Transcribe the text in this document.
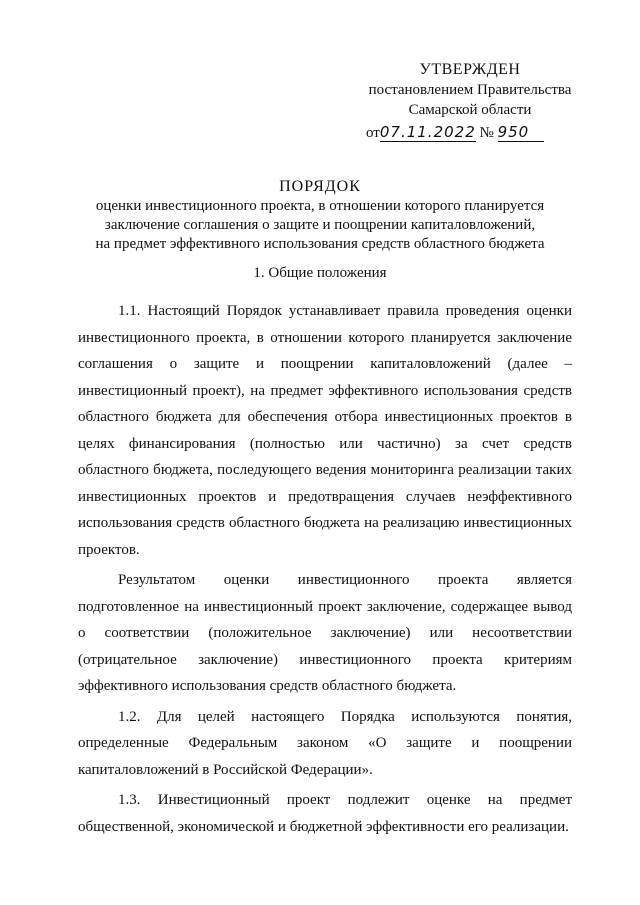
УТВЕРЖДЕН
постановлением Правительства
Самарской области
от07.11.2022 № 950
ПОРЯДОК
оценки инвестиционного проекта, в отношении которого планируется
заключение соглашения о защите и поощрении капиталовложений,
на предмет эффективного использования средств областного бюджета
1. Общие положения

1.1. Настоящий Порядок устанавливает правила проведения оценки инвестиционного проекта, в отношении которого планируется заключение соглашения о защите и поощрении капиталовложений (далее – инвестиционный проект), на предмет эффективного использования средств областного бюджета для обеспечения отбора инвестиционных проектов в целях финансирования (полностью или частично) за счет средств областного бюджета, последующего ведения мониторинга реализации таких инвестиционных проектов и предотвращения случаев неэффективного использования средств областного бюджета на реализацию инвестиционных проектов.

Результатом оценки инвестиционного проекта является подготовленное на инвестиционный проект заключение, содержащее вывод о соответствии (положительное заключение) или несоответствии (отрицательное заключение) инвестиционного проекта критериям эффективного использования средств областного бюджета.

1.2. Для целей настоящего Порядка используются понятия, определенные Федеральным законом «О защите и поощрении капиталовложений в Российской Федерации».

1.3. Инвестиционный проект подлежит оценке на предмет общественной, экономической и бюджетной эффективности его реализации.
